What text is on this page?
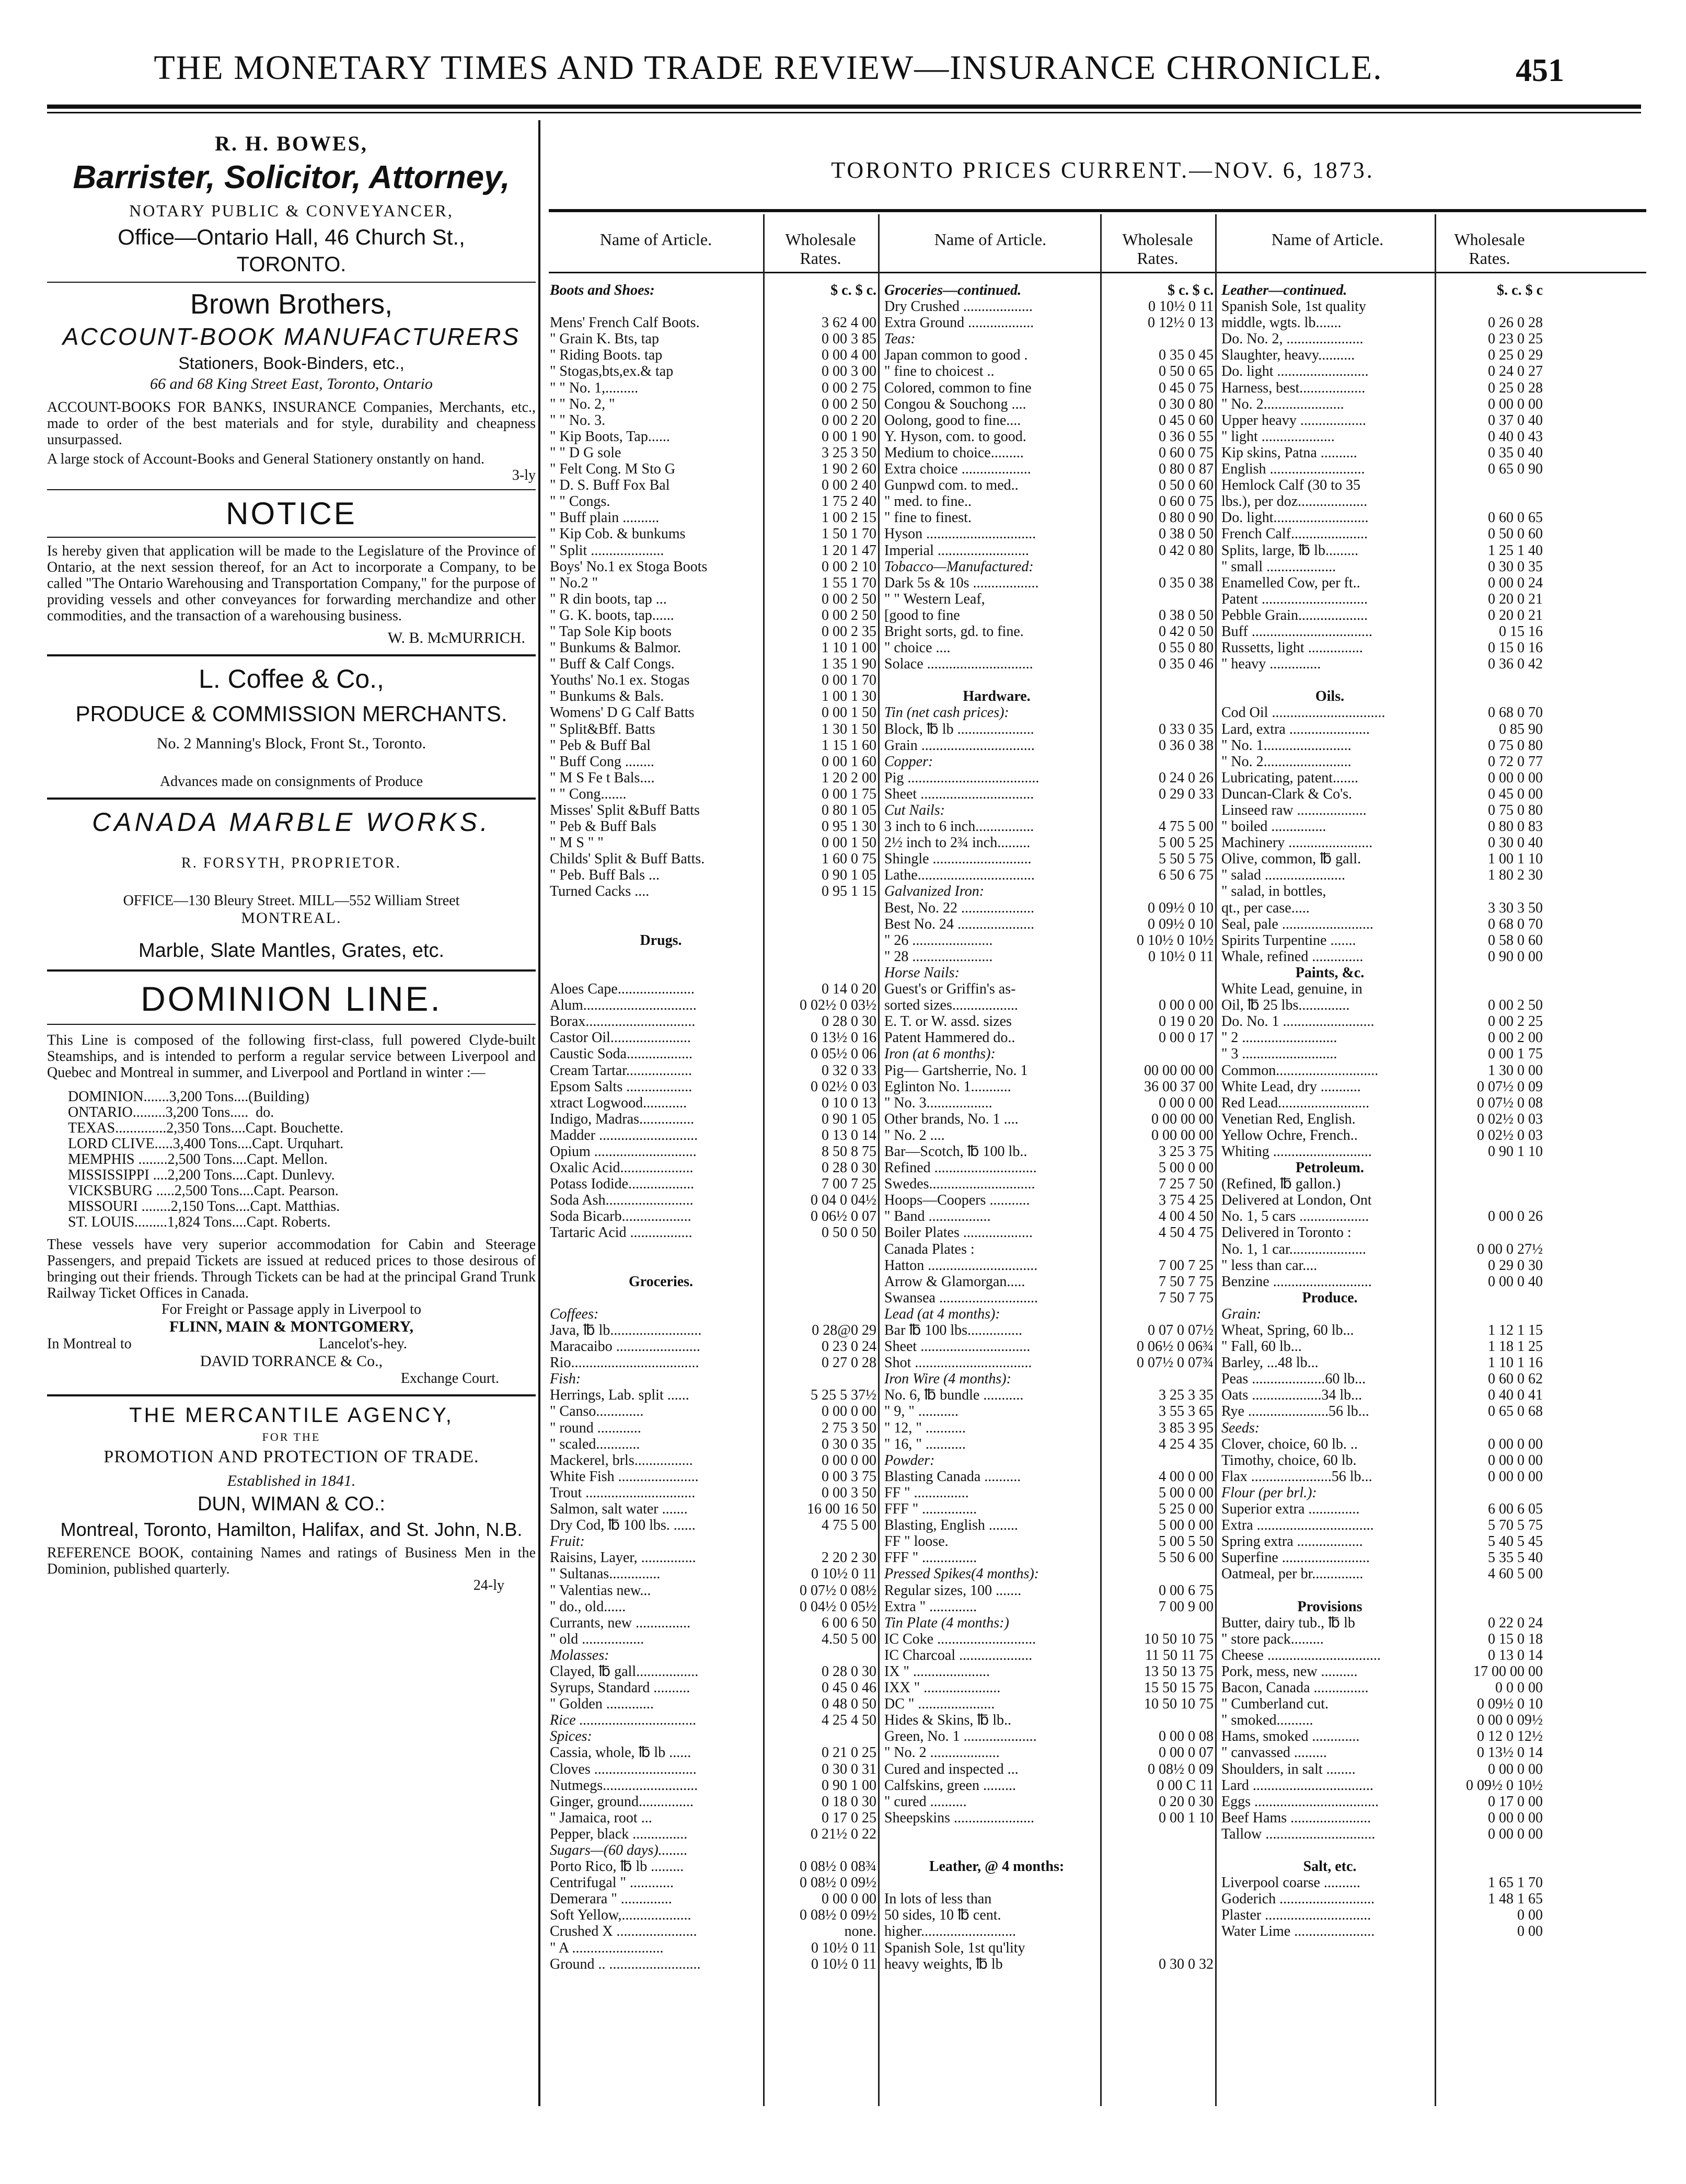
THE MONETARY TIMES AND TRADE REVIEW—INSURANCE CHRONICLE.	451
R. H. BOWES,
Barrister, Solicitor, Attorney,
NOTARY PUBLIC & CONVEYANCER,
Office—Ontario Hall, 46 Church St.,
TORONTO.
Brown Brothers,
ACCOUNT-BOOK MANUFACTURERS
Stationers, Book-Binders, etc.,
66 and 68 King Street East, Toronto, Ontario
ACCOUNT-BOOKS FOR BANKS, INSURANCE Companies, Merchants, etc., made to order of the best materials and for style, durability and cheapness unsurpassed.
A large stock of Account-Books and General Stationery onstantly on hand.
3-ly
NOTICE
Is hereby given that application will be made to the Legislature of the Province of Ontario, at the next session thereof, for an Act to incorporate a Company, to be called "The Ontario Warehousing and Transportation Company," for the purpose of providing vessels and other conveyances for forwarding merchandize and other commodities, and the transaction of a warehousing business.
W. B. McMURRICH.
L. Coffee & Co.,
PRODUCE & COMMISSION MERCHANTS.
No. 2 Manning's Block, Front St., Toronto.
Advances made on consignments of Produce
CANADA MARBLE WORKS.
R. FORSYTH, PROPRIETOR.
OFFICE—130 Bleury Street. MILL—552 William Street
MONTREAL.
Marble, Slate Mantles, Grates, etc.
DOMINION LINE.
This Line is composed of the following first-class, full powered Clyde-built Steamships, and is intended to perform a regular service between Liverpool and Quebec and Montreal in summer, and Liverpool and Portland in winter :—
DOMINION.......3,200 Tons....(Building)
ONTARIO.........3,200 Tons.....  do.
TEXAS..............2,350 Tons....Capt. Bouchette.
LORD CLIVE.....3,400 Tons....Capt. Urquhart.
MEMPHIS ........2,500 Tons....Capt. Mellon.
MISSISSIPPI ....2,200 Tons....Capt. Dunlevy.
VICKSBURG .....2,500 Tons....Capt. Pearson.
MISSOURI ........2,150 Tons....Capt. Matthias.
ST. LOUIS.........1,824 Tons....Capt. Roberts.
These vessels have very superior accommodation for Cabin and Steerage Passengers, and prepaid Tickets are issued at reduced prices to those desirous of bringing out their friends. Through Tickets can be had at the principal Grand Trunk Railway Ticket Offices in Canada.
For Freight or Passage apply in Liverpool to
FLINN, MAIN & MONTGOMERY,
In Montreal to	Lancelot's-hey.
DAVID TORRANCE & Co.,
Exchange Court.
THE MERCANTILE AGENCY,
FOR THE
PROMOTION AND PROTECTION OF TRADE.
Established in 1841.
DUN, WIMAN & CO.:
Montreal, Toronto, Hamilton, Halifax, and St. John, N.B.
REFERENCE BOOK, containing Names and ratings of Business Men in the Dominion, published quarterly.
24-ly
TORONTO PRICES CURRENT.—NOV. 6, 1873.
Name of Article.	Wholesale Rates.
Name of Article.	Wholesale Rates.
Name of Article.	Wholesale Rates.
Boots and Shoes:	$ c. $ c.
Mens' French Calf Boots.	3 62 4 00
" Grain K. Bts, tap	0 00 3 85
" Riding Boots. tap	0 00 4 00
" Stogas,bts,ex.& tap	0 00 3 00
" " No. 1,.........	0 00 2 75
" " No. 2, "	0 00 2 50
" " No. 3.	0 00 2 20
" Kip Boots, Tap......	0 00 1 90
" " D G sole	3 25 3 50
" Felt Cong. M Sto G	1 90 2 60
" D. S. Buff Fox Bal	0 00 2 40
" " Congs.	1 75 2 40
" Buff plain ..........	1 00 2 15
" Kip Cob. & bunkums	1 50 1 70
" Split ....................	1 20 1 47
Boys' No.1 ex Stoga Boots	0 00 2 10
" No.2 "	1 55 1 70
" R din boots, tap ...	0 00 2 50
" G. K. boots, tap......	0 00 2 50
" Tap Sole Kip boots	0 00 2 35
" Bunkums & Balmor.	1 10 1 00
" Buff & Calf Congs.	1 35 1 90
Youths' No.1 ex. Stogas	0 00 1 70
" Bunkums & Bals.	1 00 1 30
Womens' D G Calf Batts	0 00 1 50
" Split&Bff. Batts	1 30 1 50
" Peb & Buff Bal	1 15 1 60
" Buff Cong ........	0 00 1 60
" M S Fe t Bals....	1 20 2 00
" " Cong.......	0 00 1 75
Misses' Split &Buff Batts	0 80 1 05
" Peb & Buff Bals	0 95 1 30
" M S " "	0 00 1 50
Childs' Split & Buff Batts.	1 60 0 75
" Peb. Buff Bals ...	0 90 1 05
Turned Cacks ....	0 95 1 15
Drugs.
Aloes Cape.....................	0 14 0 20
Alum...............................	0 02½ 0 03½
Borax..............................	0 28 0 30
Castor Oil......................	0 13½ 0 16
Caustic Soda..................	0 05½ 0 06
Cream Tartar..................	0 32 0 33
Epsom Salts ..................	0 02½ 0 03
xtract Logwood............	0 10 0 13
Indigo, Madras...............	0 90 1 05
Madder ...........................	0 13 0 14
Opium ............................	8 50 8 75
Oxalic Acid....................	0 28 0 30
Potass Iodide..................	7 00 7 25
Soda Ash........................	0 04 0 04½
Soda Bicarb...................	0 06½ 0 07
Tartaric Acid .................	0 50 0 50
Groceries.
Coffees:
Java, ℔ lb.........................	0 28@0 29
Maracaibo .......................	0 23 0 24
Rio...................................	0 27 0 28
Fish:
Herrings, Lab. split ......	5 25 5 37½
" Canso.............	0 00 0 00
" round ............	2 75 3 50
" scaled............	0 30 0 35
Mackerel, brls................	0 00 0 00
White Fish ......................	0 00 3 75
Trout ..............................	0 00 3 50
Salmon, salt water .......	16 00 16 50
Dry Cod, ℔ 100 lbs. ......	4 75 5 00
Fruit:
Raisins, Layer, ...............	2 20 2 30
" Sultanas..............	0 10½ 0 11
" Valentias new...	0 07½ 0 08½
" do., old......	0 04½ 0 05½
Currants, new ...............	6 00 6 50
" old .................	4.50 5 00
Molasses:
Clayed, ℔ gall.................	0 28 0 30
Syrups, Standard ..........	0 45 0 46
" Golden .............	0 48 0 50
Rice ................................	4 25 4 50
Spices:
Cassia, whole, ℔ lb ......	0 21 0 25
Cloves ............................	0 30 0 31
Nutmegs..........................	0 90 1 00
Ginger, ground...............	0 18 0 30
" Jamaica, root ...	0 17 0 25
Pepper, black ...............	0 21½ 0 22
Sugars—(60 days)........
Porto Rico, ℔ lb .........	0 08½ 0 08¾
Centrifugal " ............	0 08½ 0 09½
Demerara " ..............	0 00 0 00
Soft Yellow,...................	0 08½ 0 09½
Crushed X ......................	none.
" A .........................	0 10½ 0 11
Ground .. .........................	0 10½ 0 11
Groceries—continued.	$ c. $ c.
Dry Crushed ...................	0 10½ 0 11
Extra Ground ..................	0 12½ 0 13
Teas:
Japan common to good .	0 35 0 45
" fine to choicest ..	0 50 0 65
Colored, common to fine	0 45 0 75
Congou & Souchong ....	0 30 0 80
Oolong, good to fine....	0 45 0 60
Y. Hyson, com. to good.	0 36 0 55
Medium to choice.........	0 60 0 75
Extra choice ...................	0 80 0 87
Gunpwd com. to med..	0 50 0 60
" med. to fine..	0 60 0 75
" fine to finest.	0 80 0 90
Hyson ..............................	0 38 0 50
Imperial .........................	0 42 0 80
Tobacco—Manufactured:
Dark 5s & 10s ..................	0 35 0 38
" " Western Leaf,
[good to fine	0 38 0 50
Bright sorts, gd. to fine.	0 42 0 50
" choice ....	0 55 0 80
Solace .............................	0 35 0 46
Hardware.
Tin (net cash prices):
Block, ℔ lb .....................	0 33 0 35
Grain ...............................	0 36 0 38
Copper:
Pig ....................................	0 24 0 26
Sheet ...............................	0 29 0 33
Cut Nails:
3 inch to 6 inch................	4 75 5 00
2½ inch to 2¾ inch.........	5 00 5 25
Shingle ...........................	5 50 5 75
Lathe................................	6 50 6 75
Galvanized Iron:
Best, No. 22 ....................	0 09½ 0 10
Best No. 24 .....................	0 09½ 0 10
" 26 ......................	0 10½ 0 10½
" 28 ......................	0 10½ 0 11
Horse Nails:
Guest's or Griffin's as-
sorted sizes..................	0 00 0 00
E. T. or W. assd. sizes	0 19 0 20
Patent Hammered do..	0 00 0 17
Iron (at 6 months):
Pig— Gartsherrie, No. 1	00 00 00 00
Eglinton No. 1...........	36 00 37 00
" No. 3..................	0 00 0 00
Other brands, No. 1 ....	0 00 00 00
" No. 2 ....	0 00 00 00
Bar—Scotch, ℔ 100 lb..	3 25 3 75
Refined ............................	5 00 0 00
Swedes.............................	7 25 7 50
Hoops—Coopers ...........	3 75 4 25
" Band .................	4 00 4 50
Boiler Plates ...................	4 50 4 75
Canada Plates :
Hatton ..............................	7 00 7 25
Arrow & Glamorgan.....	7 50 7 75
Swansea ...........................	7 50 7 75
Lead (at 4 months):
Bar ℔ 100 lbs...............	0 07 0 07½
Sheet ..............................	0 06½ 0 06¾
Shot ................................	0 07½ 0 07¾
Iron Wire (4 months):
No. 6, ℔ bundle ...........	3 25 3 35
" 9, " ...........	3 55 3 65
" 12, " ...........	3 85 3 95
" 16, " ...........	4 25 4 35
Powder:
Blasting Canada ..........	4 00 0 00
FF " ...............	5 00 0 00
FFF " ...............	5 25 0 00
Blasting, English ........	5 00 0 00
FF " loose.	5 00 5 50
FFF " ...............	5 50 6 00
Pressed Spikes(4 months):
Regular sizes, 100 .......	0 00 6 75
Extra " .............	7 00 9 00
Tin Plate (4 months:)
IC Coke ...........................	10 50 10 75
IC Charcoal ....................	11 50 11 75
IX " .....................	13 50 13 75
IXX " .....................	15 50 15 75
DC " .....................	10 50 10 75
Hides & Skins, ℔ lb..
Green, No. 1 ....................	0 00 0 08
" No. 2 ...................	0 00 0 07
Cured and inspected ...	0 08½ 0 09
Calfskins, green .........	0 00 C 11
" cured ..........	0 20 0 30
Sheepskins ......................	0 00 1 10
Leather, @ 4 months:
In lots of less than
50 sides, 10 ℔ cent.
higher..........................
Spanish Sole, 1st qu'lity
heavy weights, ℔ lb	0 30 0 32
Leather—continued.	$. c. $ c
Spanish Sole, 1st quality
middle, wgts. lb.......	0 26 0 28
Do. No. 2, .....................	0 23 0 25
Slaughter, heavy..........	0 25 0 29
Do. light .........................	0 24 0 27
Harness, best..................	0 25 0 28
" No. 2......................	0 00 0 00
Upper heavy ..................	0 37 0 40
" light ....................	0 40 0 43
Kip skins, Patna ..........	0 35 0 40
English ..........................	0 65 0 90
Hemlock Calf (30 to 35
lbs.), per doz...................
Do. light..........................	0 60 0 65
French Calf.....................	0 50 0 60
Splits, large, ℔ lb.........	1 25 1 40
" small ...................	0 30 0 35
Enamelled Cow, per ft..	0 00 0 24
Patent .............................	0 20 0 21
Pebble Grain...................	0 20 0 21
Buff .................................	0 15 16
Russetts, light ...............	0 15 0 16
" heavy ..............	0 36 0 42
Oils.
Cod Oil ...............................	0 68 0 70
Lard, extra ......................	0 85 90
" No. 1........................	0 75 0 80
" No. 2........................	0 72 0 77
Lubricating, patent.......	0 00 0 00
Duncan-Clark & Co's.	0 45 0 00
Linseed raw ...................	0 75 0 80
" boiled ...............	0 80 0 83
Machinery .......................	0 30 0 40
Olive, common, ℔ gall.	1 00 1 10
" salad ......................	1 80 2 30
" salad, in bottles,
qt., per case.....	3 30 3 50
Seal, pale .........................	0 68 0 70
Spirits Turpentine .......	0 58 0 60
Whale, refined ..............	0 90 0 00
Paints, &c.
White Lead, genuine, in
Oil, ℔ 25 lbs..............	0 00 2 50
Do. No. 1 .........................	0 00 2 25
" 2 ..........................	0 00 2 00
" 3 ..........................	0 00 1 75
Common............................	1 30 0 00
White Lead, dry ...........	0 07½ 0 09
Red Lead.........................	0 07½ 0 08
Venetian Red, English.	0 02½ 0 03
Yellow Ochre, French..	0 02½ 0 03
Whiting ...........................	0 90 1 10
Petroleum.
(Refined, ℔ gallon.)
Delivered at London, Ont
No. 1, 5 cars ...................	0 00 0 26
Delivered in Toronto :
No. 1, 1 car.....................	0 00 0 27½
" less than car....	0 29 0 30
Benzine ...........................	0 00 0 40
Produce.
Grain:
Wheat, Spring, 60 lb...	1 12 1 15
" Fall, 60 lb...	1 18 1 25
Barley, ...48 lb...	1 10 1 16
Peas ....................60 lb...	0 60 0 62
Oats ...................34 lb...	0 40 0 41
Rye ......................56 lb...	0 65 0 68
Seeds:
Clover, choice, 60 lb. ..	0 00 0 00
Timothy, choice, 60 lb.	0 00 0 00
Flax ......................56 lb...	0 00 0 00
Flour (per brl.):
Superior extra ..............	6 00 6 05
Extra ................................	5 70 5 75
Spring extra ..................	5 40 5 45
Superfine ........................	5 35 5 40
Oatmeal, per br..............	4 60 5 00
Provisions
Butter, dairy tub., ℔ lb	0 22 0 24
" store pack.........	0 15 0 18
Cheese ...............................	0 13 0 14
Pork, mess, new ..........	17 00 00 00
Bacon, Canada ...............	0 0 0 00
" Cumberland cut.	0 09½ 0 10
" smoked..........	0 00 0 09½
Hams, smoked .............	0 12 0 12½
" canvassed .........	0 13½ 0 14
Shoulders, in salt ........	0 00 0 00
Lard .................................	0 09½ 0 10½
Eggs ..................................	0 17 0 00
Beef Hams ......................	0 00 0 00
Tallow ..............................	0 00 0 00
Salt, etc.
Liverpool coarse ..........	1 65 1 70
Goderich ..........................	1 48 1 65
Plaster .............................	0 00
Water Lime ......................	0 00
